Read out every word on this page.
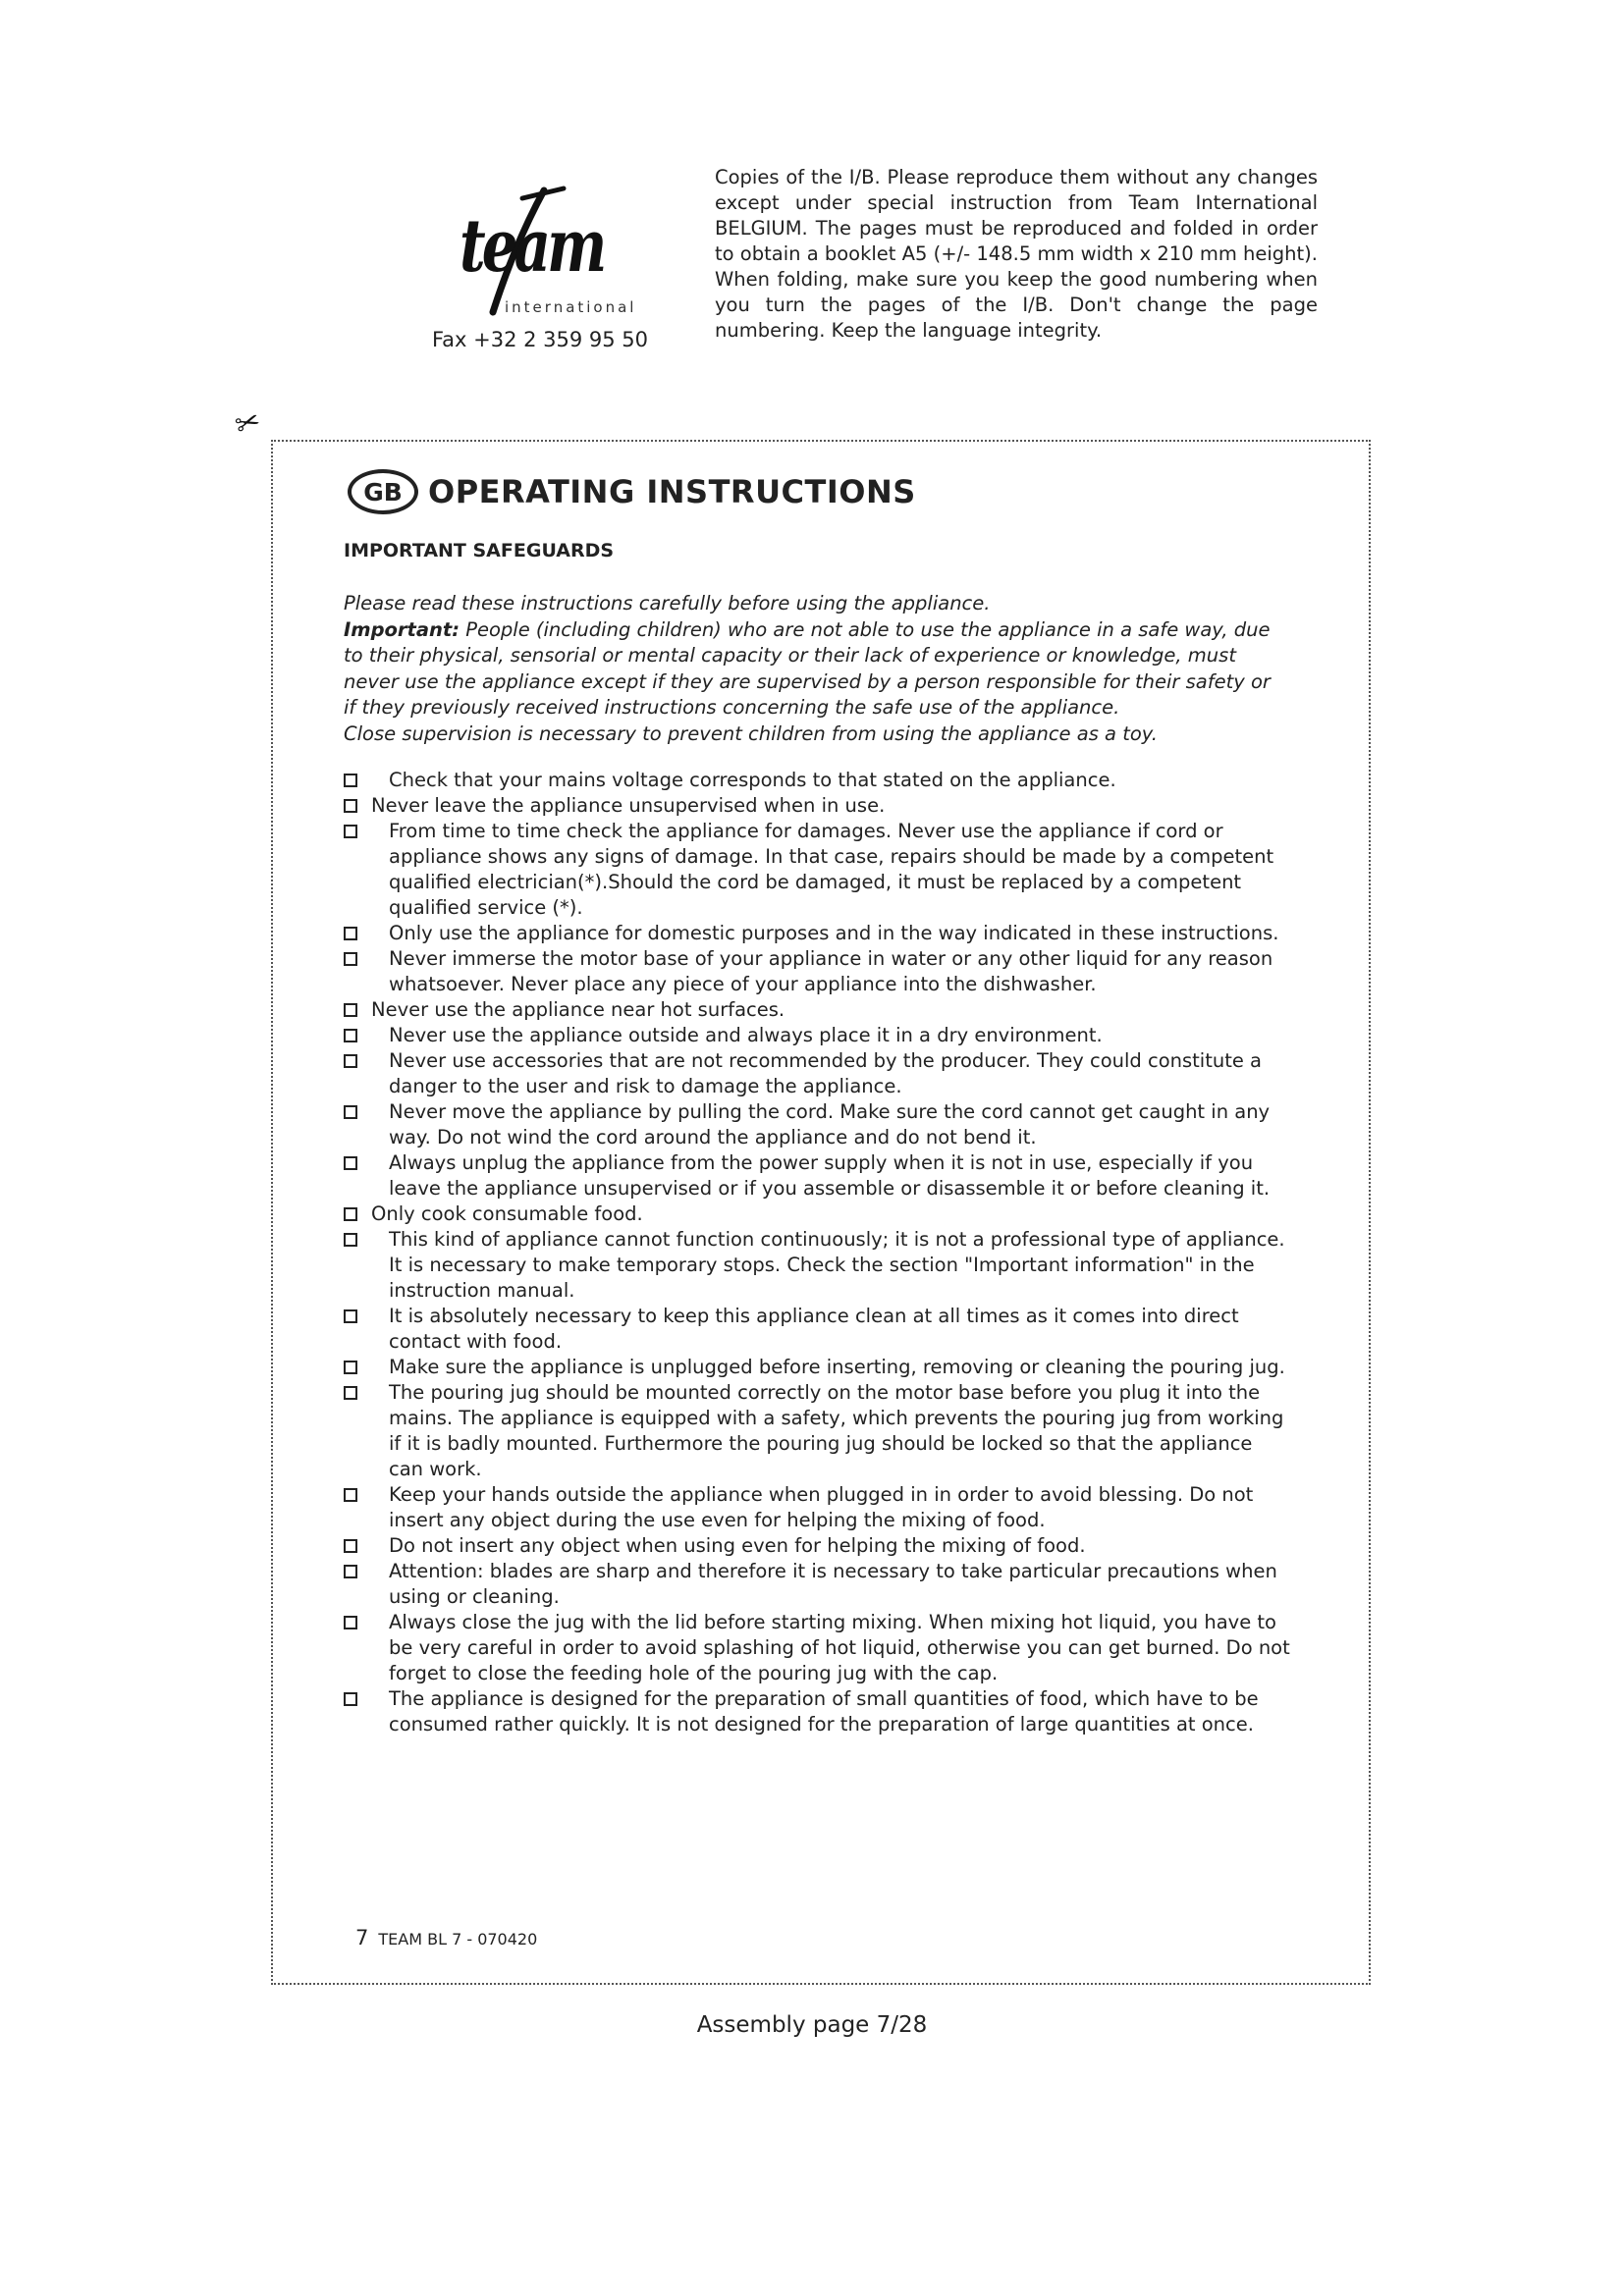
team
international
Fax +32 2 359 95 50
Copies of the I/B. Please reproduce them without any changes except under special instruction from Team International BELGIUM. The pages must be reproduced and folded in order to obtain a booklet A5 (+/- 148.5 mm width x 210 mm height). When folding, make sure you keep the good numbering when you turn the pages of the I/B. Don't change the page numbering. Keep the language integrity.
✂
GB OPERATING INSTRUCTIONS
IMPORTANT SAFEGUARDS
Please read these instructions carefully before using the appliance.
Important: People (including children) who are not able to use the appliance in a safe way, due to their physical, sensorial or mental capacity or their lack of experience or knowledge, must never use the appliance except if they are supervised by a person responsible for their safety or if they previously received instructions concerning the safe use of the appliance.
Close supervision is necessary to prevent children from using the appliance as a toy.
Check that your mains voltage corresponds to that stated on the appliance.
Never leave the appliance unsupervised when in use.
From time to time check the appliance for damages. Never use the appliance if cord or appliance shows any signs of damage. In that case, repairs should be made by a competent qualified electrician(*).Should the cord be damaged, it must be replaced by a competent qualified service (*).
Only use the appliance for domestic purposes and in the way indicated in these instructions.
Never immerse the motor base of your appliance in water or any other liquid for any reason whatsoever. Never place any piece of your appliance into the dishwasher.
Never use the appliance near hot surfaces.
Never use the appliance outside and always place it in a dry environment.
Never use accessories that are not recommended by the producer. They could constitute a danger to the user and risk to damage the appliance.
Never move the appliance by pulling the cord. Make sure the cord cannot get caught in any way. Do not wind the cord around the appliance and do not bend it.
Always unplug the appliance from the power supply when it is not in use, especially if you leave the appliance unsupervised or if you assemble or disassemble it or before cleaning it.
Only cook consumable food.
This kind of appliance cannot function continuously; it is not a professional type of appliance. It is necessary to make temporary stops. Check the section "Important information" in the instruction manual.
It is absolutely necessary to keep this appliance clean at all times as it comes into direct contact with food.
Make sure the appliance is unplugged before inserting, removing or cleaning the pouring jug.
The pouring jug should be mounted correctly on the motor base before you plug it into the mains. The appliance is equipped with a safety, which prevents the pouring jug from working if it is badly mounted. Furthermore the pouring jug should be locked so that the appliance can work.
Keep your hands outside the appliance when plugged in in order to avoid blessing. Do not insert any object during the use even for helping the mixing of food.
Do not insert any object when using even for helping the mixing of food.
Attention: blades are sharp and therefore it is necessary to take particular precautions when using or cleaning.
Always close the jug with the lid before starting mixing. When mixing hot liquid, you have to be very careful in order to avoid splashing of hot liquid, otherwise you can get burned. Do not forget to close the feeding hole of the pouring jug with the cap.
The appliance is designed for the preparation of small quantities of food, which have to be consumed rather quickly. It is not designed for the preparation of large quantities at once.
7 TEAM BL 7 - 070420
Assembly page 7/28
